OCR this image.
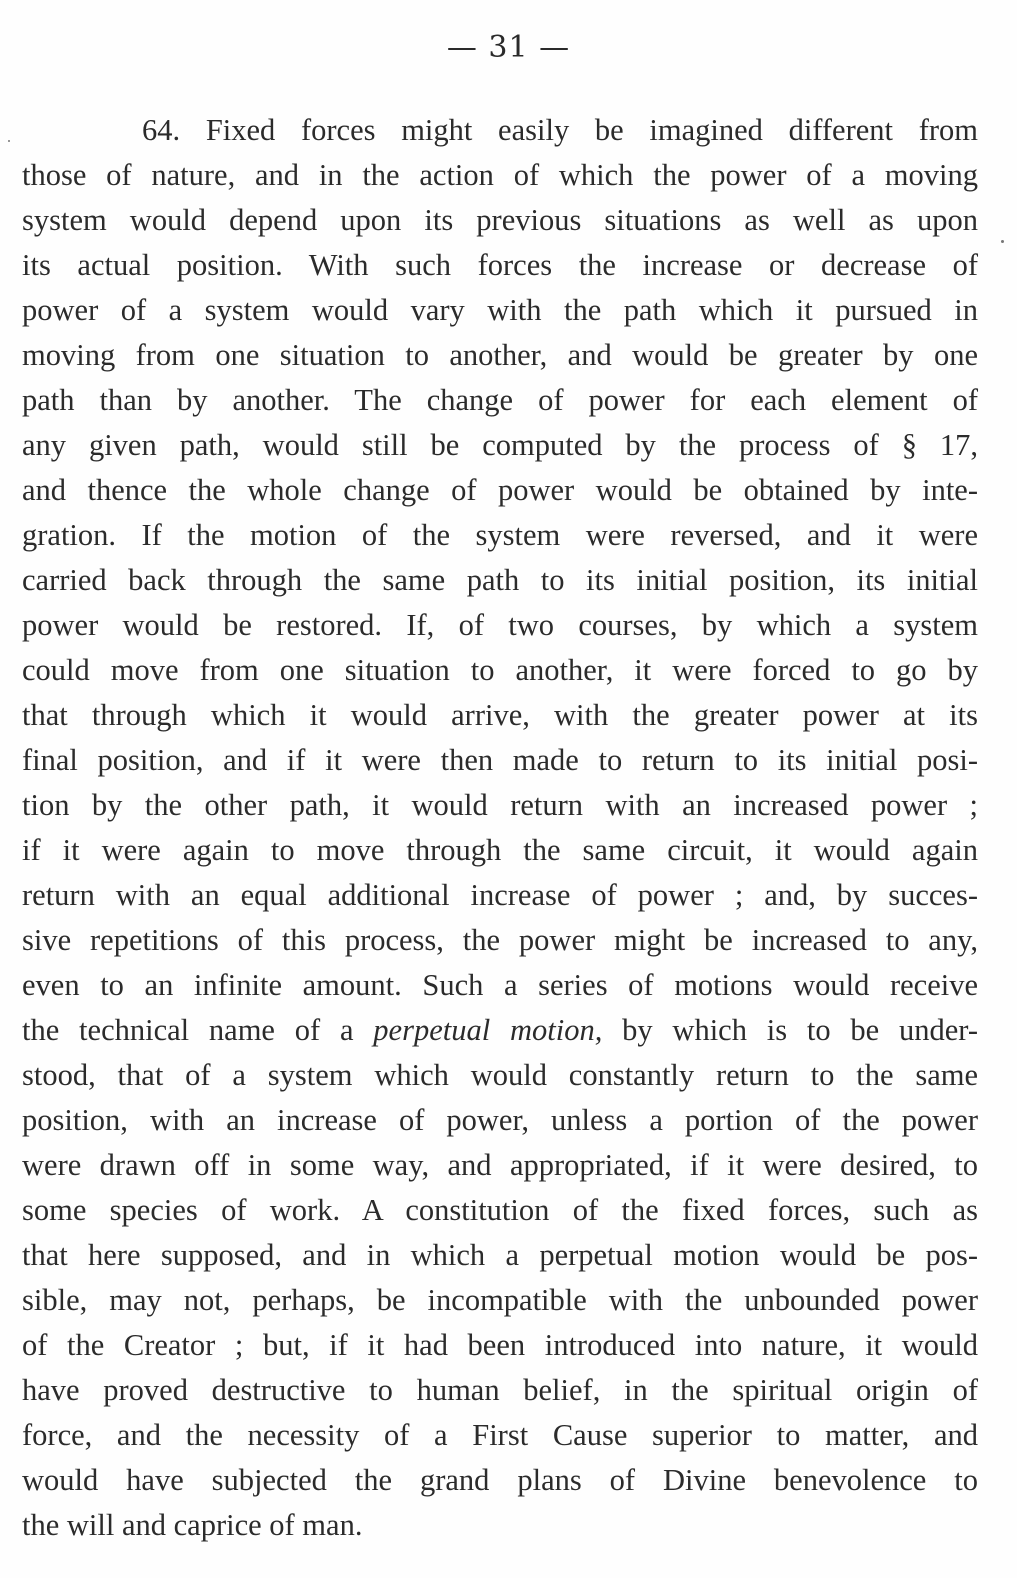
— 31 —

64. Fixed forces might easily be imagined different from
those of nature, and in the action of which the power of a moving
system would depend upon its previous situations as well as upon
its actual position. With such forces the increase or decrease of
power of a system would vary with the path which it pursued in
moving from one situation to another, and would be greater by one
path than by another. The change of power for each element of
any given path, would still be computed by the process of § 17,
and thence the whole change of power would be obtained by inte-
gration. If the motion of the system were reversed, and it were
carried back through the same path to its initial position, its initial
power would be restored. If, of two courses, by which a system
could move from one situation to another, it were forced to go by
that through which it would arrive, with the greater power at its
final position, and if it were then made to return to its initial posi-
tion by the other path, it would return with an increased power ;
if it were again to move through the same circuit, it would again
return with an equal additional increase of power ; and, by succes-
sive repetitions of this process, the power might be increased to any,
even to an infinite amount. Such a series of motions would receive
the technical name of a perpetual motion, by which is to be under-
stood, that of a system which would constantly return to the same
position, with an increase of power, unless a portion of the power
were drawn off in some way, and appropriated, if it were desired, to
some species of work. A constitution of the fixed forces, such as
that here supposed, and in which a perpetual motion would be pos-
sible, may not, perhaps, be incompatible with the unbounded power
of the Creator ; but, if it had been introduced into nature, it would
have proved destructive to human belief, in the spiritual origin of
force, and the necessity of a First Cause superior to matter, and
would have subjected the grand plans of Divine benevolence to
the will and caprice of man.
